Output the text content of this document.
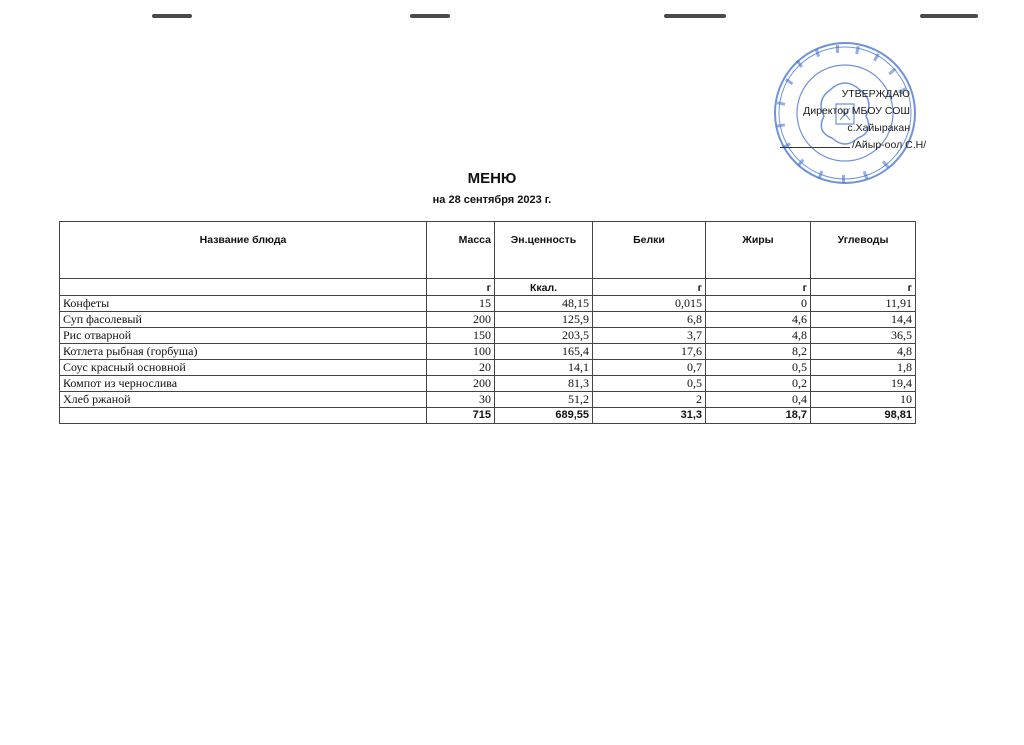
УТВЕРЖДАЮ
Директор МБОУ СОШ
с.Хайыракан
/Айыр-оол С.Н/
МЕНЮ
на 28 сентября 2023 г.
Название блюда	Масса	Эн.ценность	Белки	Жиры	Углеводы
	г	Ккал.	г	г	г
Конфеты	15	48,15	0,015	0	11,91
Суп фасолевый	200	125,9	6,8	4,6	14,4
Рис отварной	150	203,5	3,7	4,8	36,5
Котлета рыбная (горбуша)	100	165,4	17,6	8,2	4,8
Соус красный основной	20	14,1	0,7	0,5	1,8
Компот из чернослива	200	81,3	0,5	0,2	19,4
Хлеб ржаной	30	51,2	2	0,4	10
	715	689,55	31,3	18,7	98,81
